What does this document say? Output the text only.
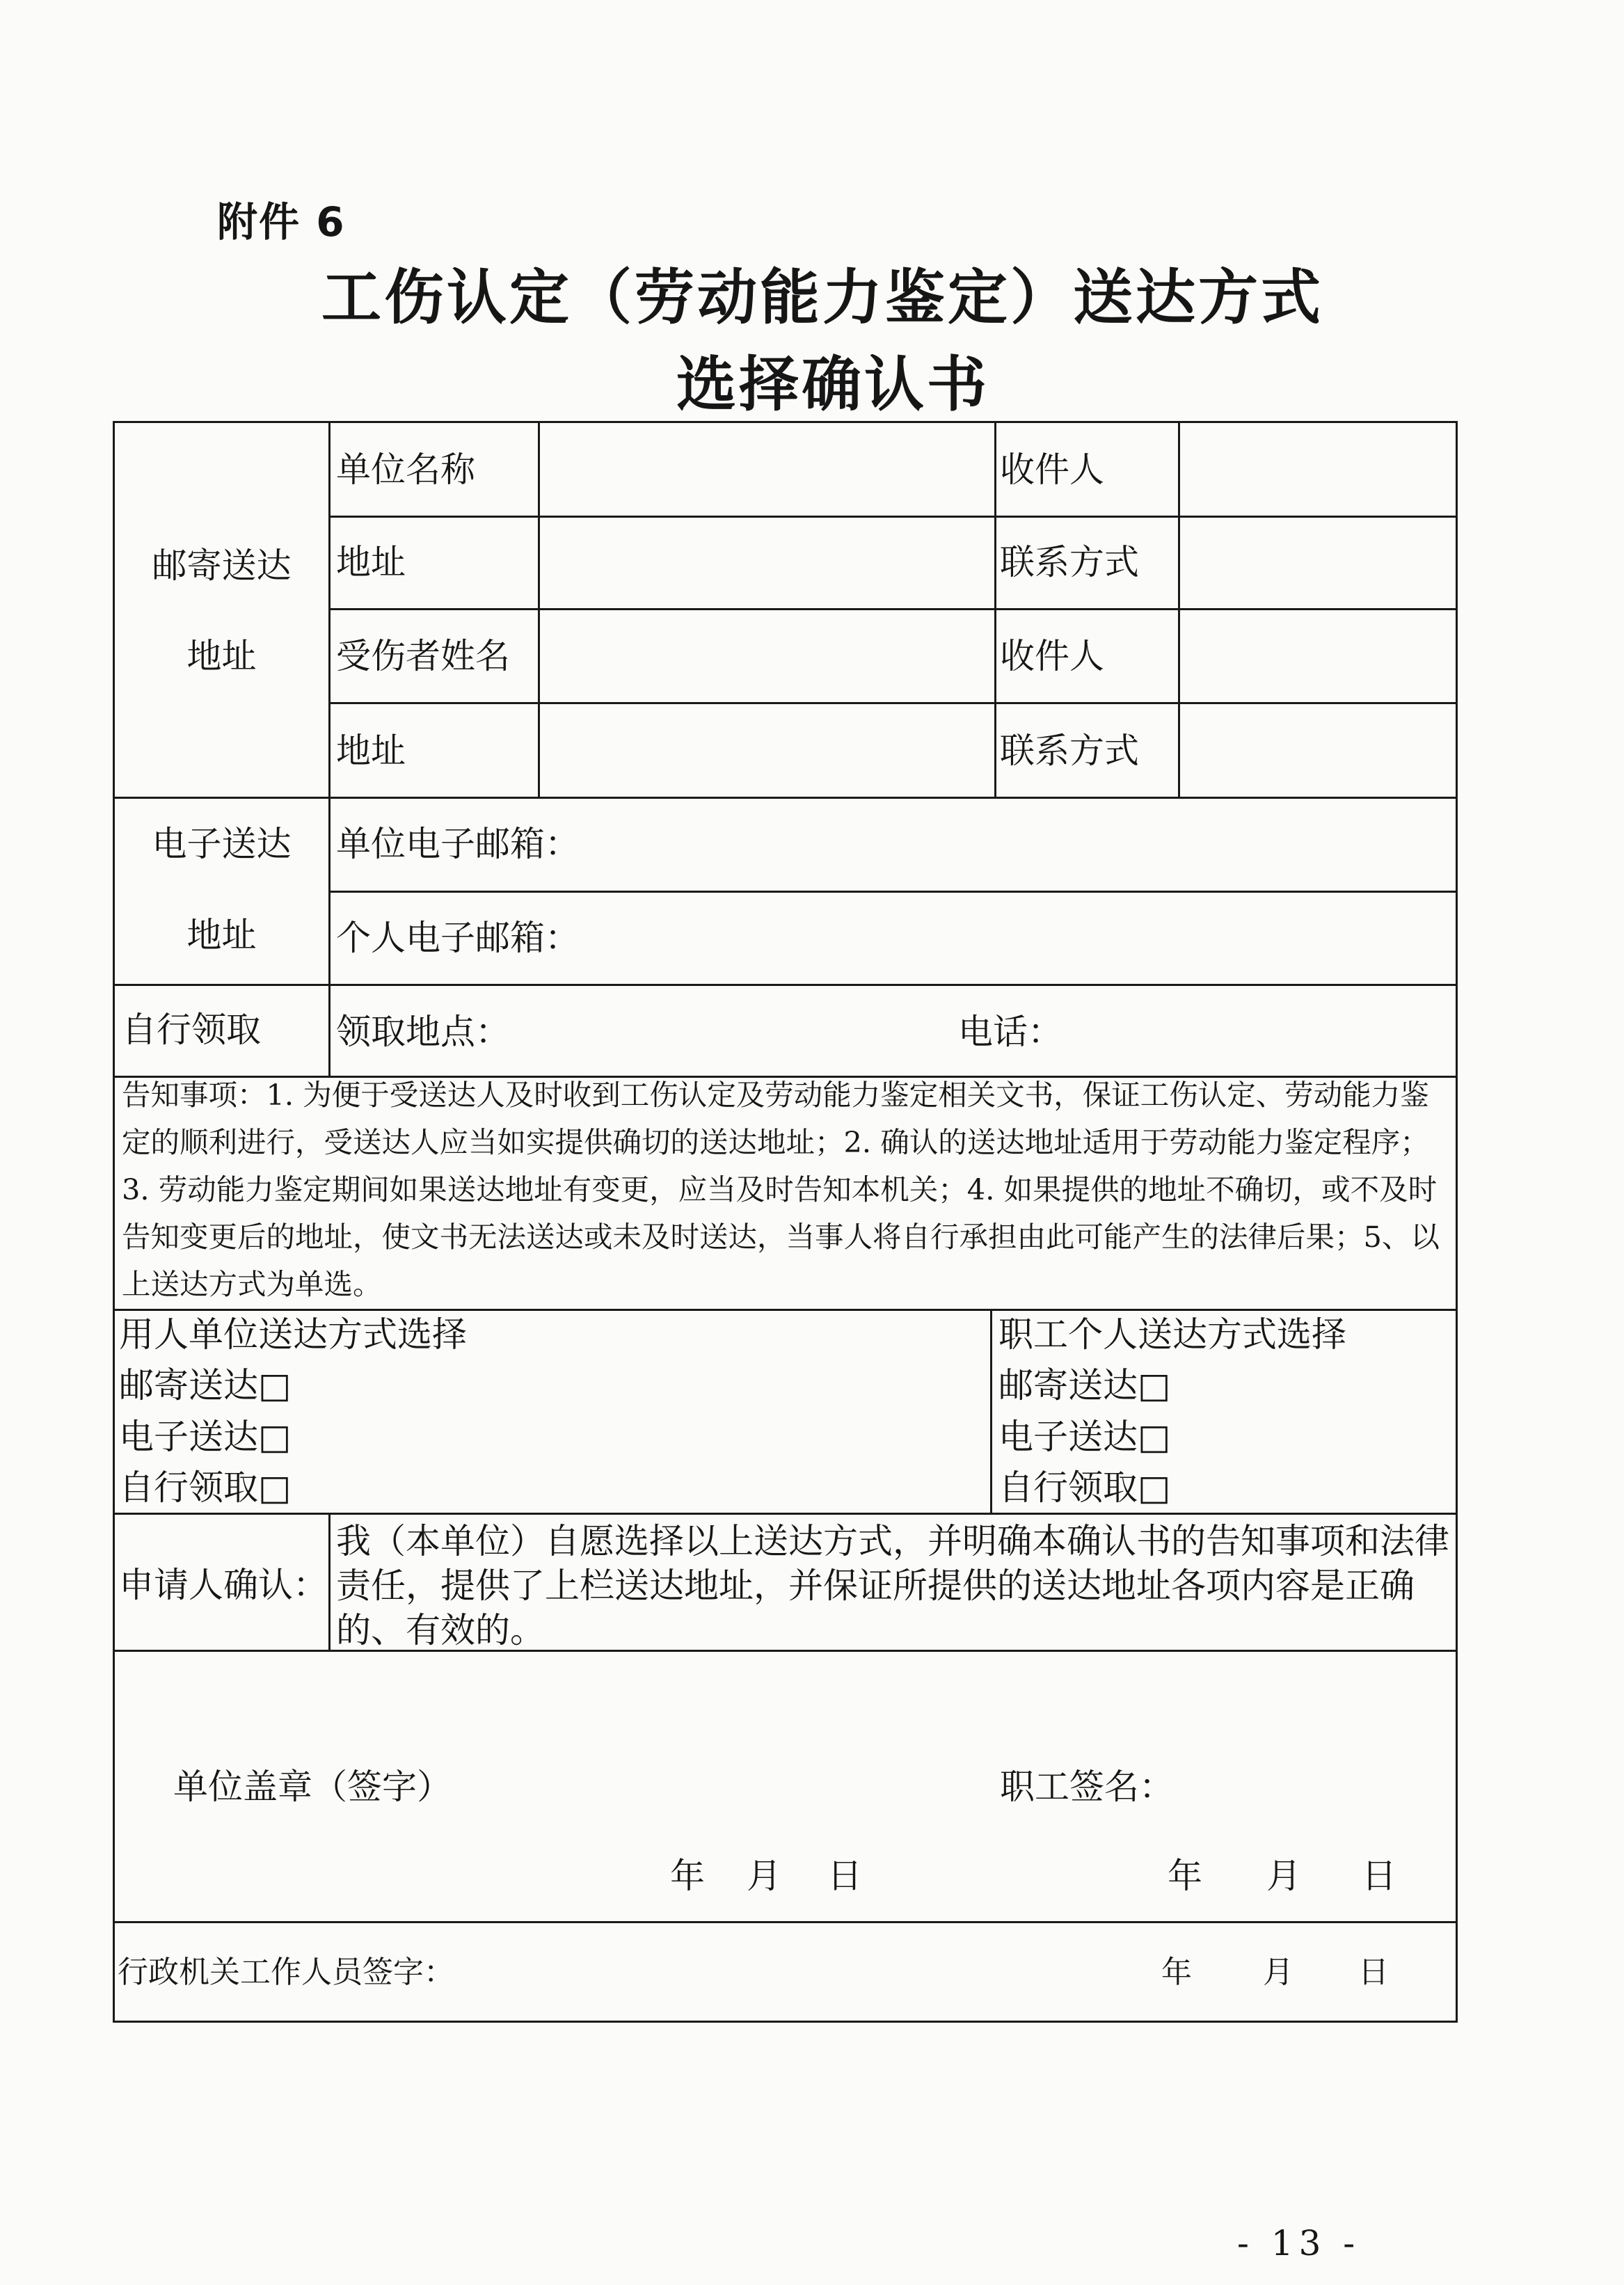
附件 6
工伤认定（劳动能力鉴定）送达方式
选择确认书
邮寄送达
地址
单位名称	收件人
地址	联系方式
受伤者姓名	收件人
地址	联系方式
电子送达
地址
单位电子邮箱：
个人电子邮箱：
自行领取 领取地点：	电话：

告知事项：1. 为便于受送达人及时收到工伤认定及劳动能力鉴定相关文书，保证工伤认定、劳动能力鉴定的顺利进行，受送达人应当如实提供确切的送达地址；2. 确认的送达地址适用于劳动能力鉴定程序；3. 劳动能力鉴定期间如果送达地址有变更，应当及时告知本机关；4. 如果提供的地址不确切，或不及时告知变更后的地址，使文书无法送达或未及时送达，当事人将自行承担由此可能产生的法律后果；5、以上送达方式为单选。

用人单位送达方式选择
邮寄送达□
电子送达□
自行领取□
职工个人送达方式选择
邮寄送达□
电子送达□
自行领取□
申请人确认：

我（本单位）自愿选择以上送达方式，并明确本确认书的告知事项和法律责任，提供了上栏送达地址，并保证所提供的送达地址各项内容是正确的、有效的。

单位盖章（签字）	职工签名：
年 月 日	年 月 日
行政机关工作人员签字：	年 月 日
- 13 -
